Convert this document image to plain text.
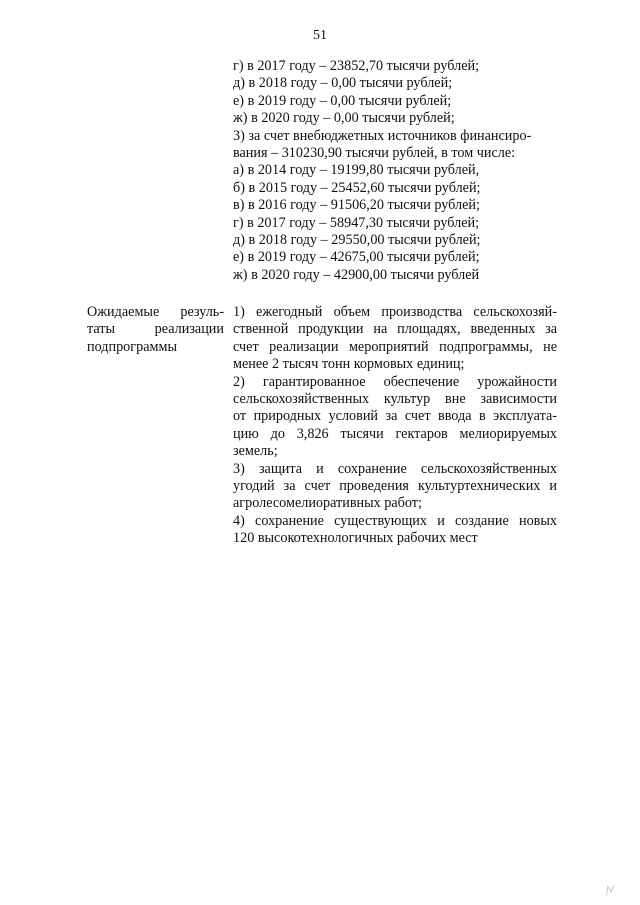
51
г) в 2017 году – 23852,70 тысячи рублей;
д) в 2018 году – 0,00 тысячи рублей;
е) в 2019 году – 0,00 тысячи рублей;
ж) в 2020 году – 0,00 тысячи рублей;
3) за счет внебюджетных источников финансиро-
вания – 310230,90 тысячи рублей, в том числе:
а) в 2014 году – 19199,80 тысячи рублей,
б) в 2015 году – 25452,60 тысячи рублей;
в) в 2016 году – 91506,20 тысячи рублей;
г) в 2017 году – 58947,30 тысячи рублей;
д) в 2018 году – 29550,00 тысячи рублей;
е) в 2019 году – 42675,00 тысячи рублей;
ж) в 2020 году – 42900,00 тысячи рублей
Ожидаемые резуль-
таты	реализации
подпрограммы
1) ежегодный объем производства сельскохозяй-
ственной продукции на площадях, введенных за
счет реализации мероприятий подпрограммы, не
менее 2 тысяч тонн кормовых единиц;
2) гарантированное обеспечение урожайности
сельскохозяйственных культур вне зависимости
от природных условий за счет ввода в эксплуата-
цию до 3,826 тысячи гектаров мелиорируемых
земель;
3) защита и сохранение сельскохозяйственных
угодий за счет проведения культуртехнических и
агролесомелиоративных работ;
4) сохранение существующих и создание новых
120 высокотехнологичных рабочих мест
